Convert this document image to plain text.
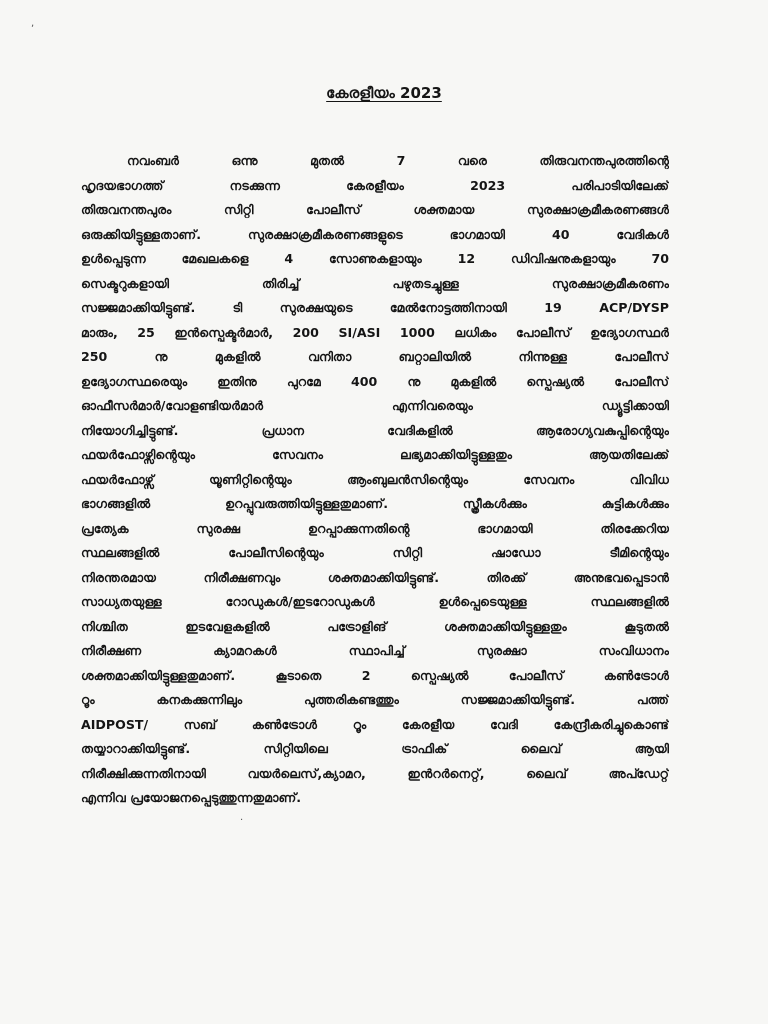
,
കേരളീയം 2023
നവംബർ ഒന്നു മുതൽ 7 വരെ തിരുവനന്തപുരത്തിന്റെ
ഹൃദയഭാഗത്ത് നടക്കുന്ന കേരളീയം 2023 പരിപാടിയിലേക്ക്
തിരുവനന്തപുരം സിറ്റി പോലീസ് ശക്തമായ സുരക്ഷാക്രമീകരണങ്ങൾ
ഒരുക്കിയിട്ടുള്ളതാണ്. സുരക്ഷാക്രമീകരണങ്ങളുടെ ഭാഗമായി 40 വേദികൾ
ഉൾപ്പെടുന്ന മേഖലകളെ 4 സോണുകളായും 12 ഡിവിഷനുകളായും 70
സെക്ടറുകളായി തിരിച്ച് പഴുതടച്ചുള്ള സുരക്ഷാക്രമീകരണം
സജ്ജമാക്കിയിട്ടുണ്ട്. ടി സുരക്ഷയുടെ മേൽനോട്ടത്തിനായി 19 ACP/DYSP
മാരും, 25 ഇൻസ്പെക്ടർമാർ, 200 SI/ASI 1000 ലധികം പോലീസ് ഉദ്യോഗസ്ഥർ
250 നു മുകളിൽ വനിതാ ബറ്റാലിയിൽ നിന്നുള്ള പോലീസ്
ഉദ്യോഗസ്ഥരെയും ഇതിനു പുറമേ 400 നു മുകളിൽ സ്പെഷ്യൽ പോലീസ്
ഓഫീസർമാർ/വോളണ്ടിയർമാർ എന്നിവരെയും ഡ്യൂട്ടിക്കായി
നിയോഗിച്ചിട്ടുണ്ട്. പ്രധാന വേദികളിൽ ആരോഗ്യവകുപ്പിന്റെയും
ഫയർഫോഴ്സിന്റെയും സേവനം ലഭ്യമാക്കിയിട്ടുള്ളതും ആയതിലേക്ക്
ഫയർഫോഴ്സ് യൂണിറ്റിന്റെയും ആംബുലൻസിന്റെയും സേവനം വിവിധ
ഭാഗങ്ങളിൽ ഉറപ്പുവരുത്തിയിട്ടുള്ളതുമാണ്. സ്ത്രീകൾക്കും കുട്ടികൾക്കും
പ്രത്യേക സുരക്ഷ ഉറപ്പാക്കുന്നതിന്റെ ഭാഗമായി തിരക്കേറിയ
സ്ഥലങ്ങളിൽ പോലീസിന്റെയും സിറ്റി ഷാഡോ ടീമിന്റെയും
നിരന്തരമായ നിരീക്ഷണവും ശക്തമാക്കിയിട്ടുണ്ട്. തിരക്ക് അനുഭവപ്പെടാൻ
സാധ്യതയുള്ള റോഡുകൾ/ഇടറോഡുകൾ ഉൾപ്പെടെയുള്ള സ്ഥലങ്ങളിൽ
നിശ്ചിത ഇടവേളകളിൽ പട്രോളിങ് ശക്തമാക്കിയിട്ടുള്ളതും കൂടുതൽ
നിരീക്ഷണ ക്യാമറകൾ സ്ഥാപിച്ച് സുരക്ഷാ സംവിധാനം
ശക്തമാക്കിയിട്ടുള്ളതുമാണ്. കൂടാതെ 2 സ്പെഷ്യൽ പോലീസ് കൺട്രോൾ
റൂം കനകക്കുന്നിലും പുത്തരികണ്ടത്തും സജ്ജമാക്കിയിട്ടുണ്ട്. പത്ത്
AIDPOST/ സബ് കൺട്രോൾ റൂം കേരളീയ വേദി കേന്ദ്രീകരിച്ചുകൊണ്ട്
തയ്യാറാക്കിയിട്ടുണ്ട്. സിറ്റിയിലെ ട്രാഫിക് ലൈവ് ആയി
നിരീക്ഷിക്കുന്നതിനായി വയർലെസ്,ക്യാമറ, ഇൻറർനെറ്റ്, ലൈവ് അപ്ഡേറ്റ്
എന്നിവ പ്രയോജനപ്പെടുത്തുന്നതുമാണ്.
·
